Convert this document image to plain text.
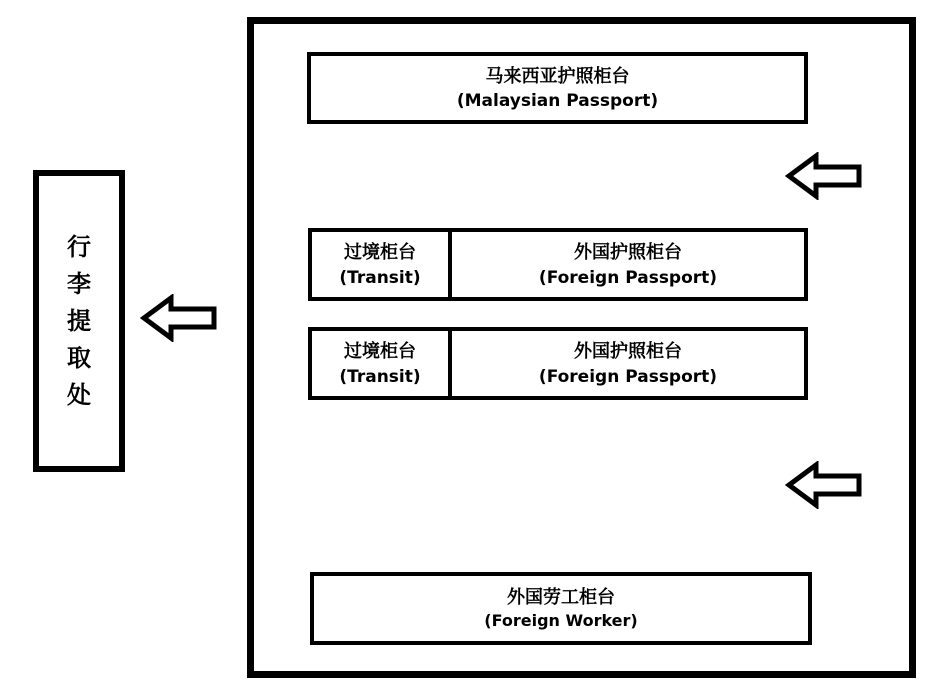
马来西亚护照柜台
(Malaysian Passport)
过境柜台
(Transit)
外国护照柜台
(Foreign Passport)
过境柜台
(Transit)
外国护照柜台
(Foreign Passport)
外国劳工柜台
(Foreign Worker)
行
李
提
取
处
